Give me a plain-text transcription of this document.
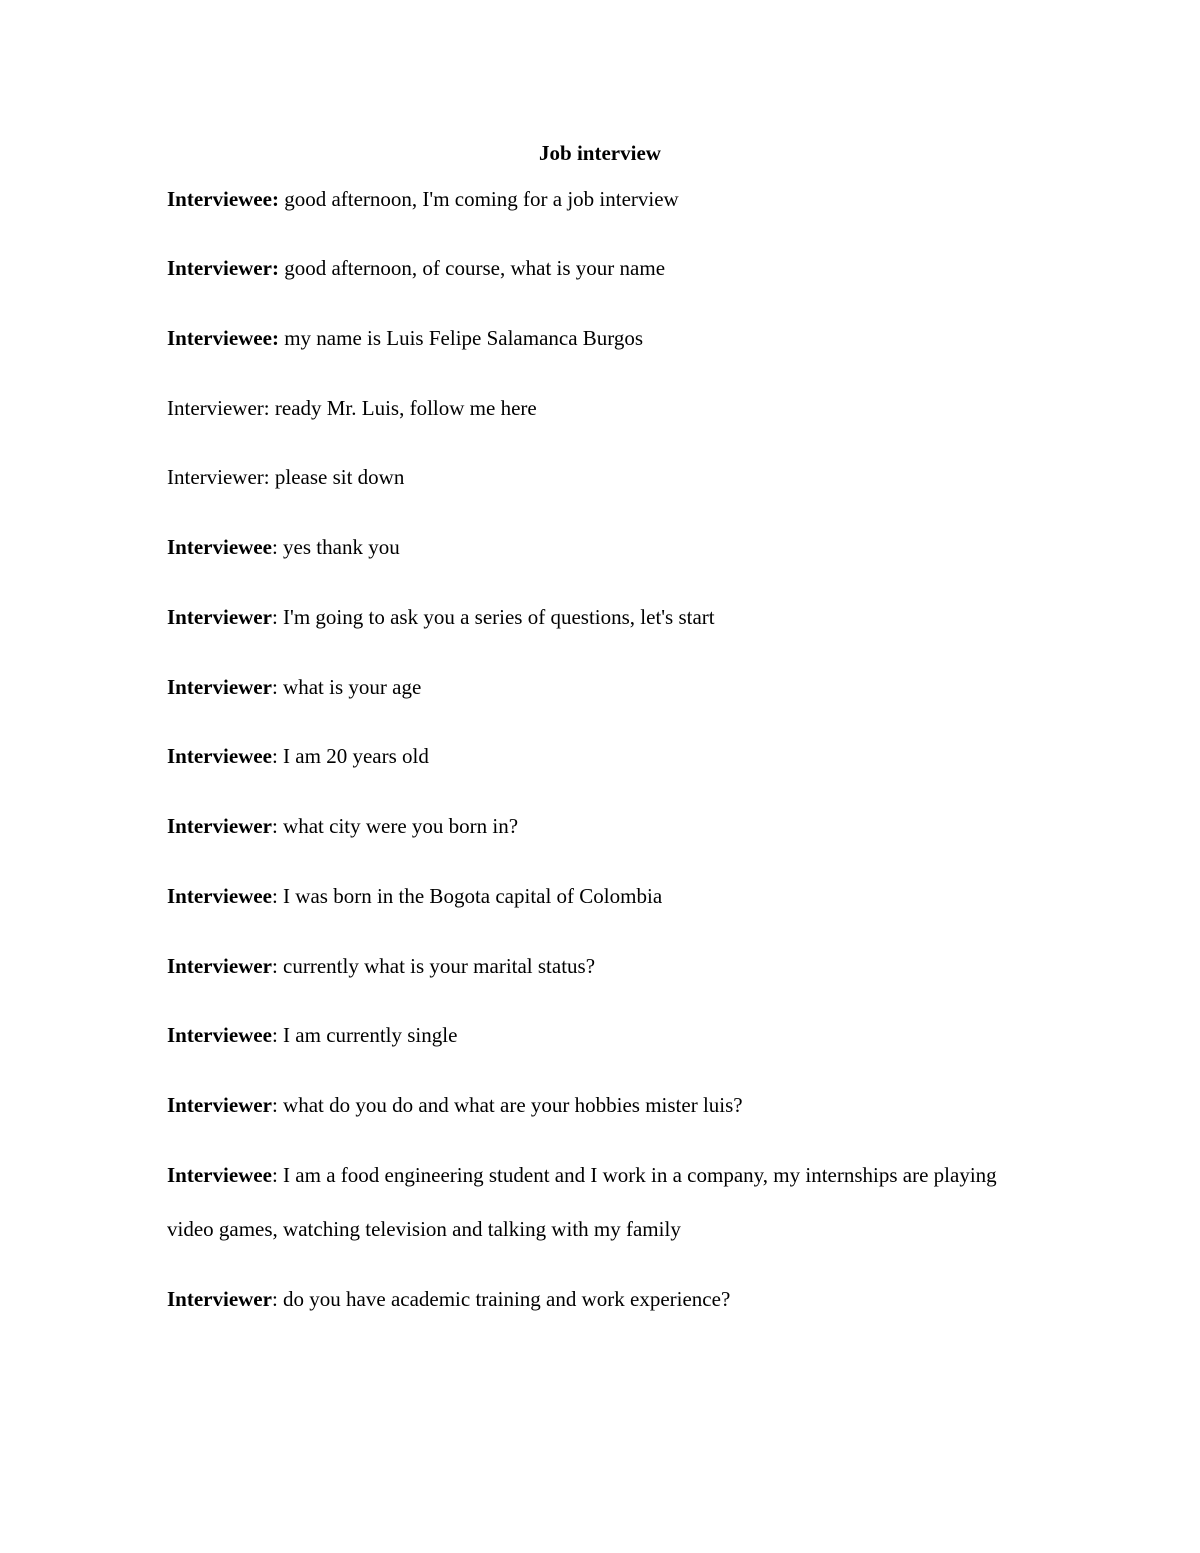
Job interview

Interviewee: good afternoon, I'm coming for a job interview

Interviewer: good afternoon, of course, what is your name

Interviewee: my name is Luis Felipe Salamanca Burgos

Interviewer: ready Mr. Luis, follow me here

Interviewer: please sit down

Interviewee: yes thank you

Interviewer: I'm going to ask you a series of questions, let's start

Interviewer: what is your age

Interviewee: I am 20 years old

Interviewer: what city were you born in?

Interviewee: I was born in the Bogota capital of Colombia

Interviewer: currently what is your marital status?

Interviewee: I am currently single

Interviewer: what do you do and what are your hobbies mister luis?

Interviewee: I am a food engineering student and I work in a company, my internships are playing video games, watching television and talking with my family

Interviewer: do you have academic training and work experience?
